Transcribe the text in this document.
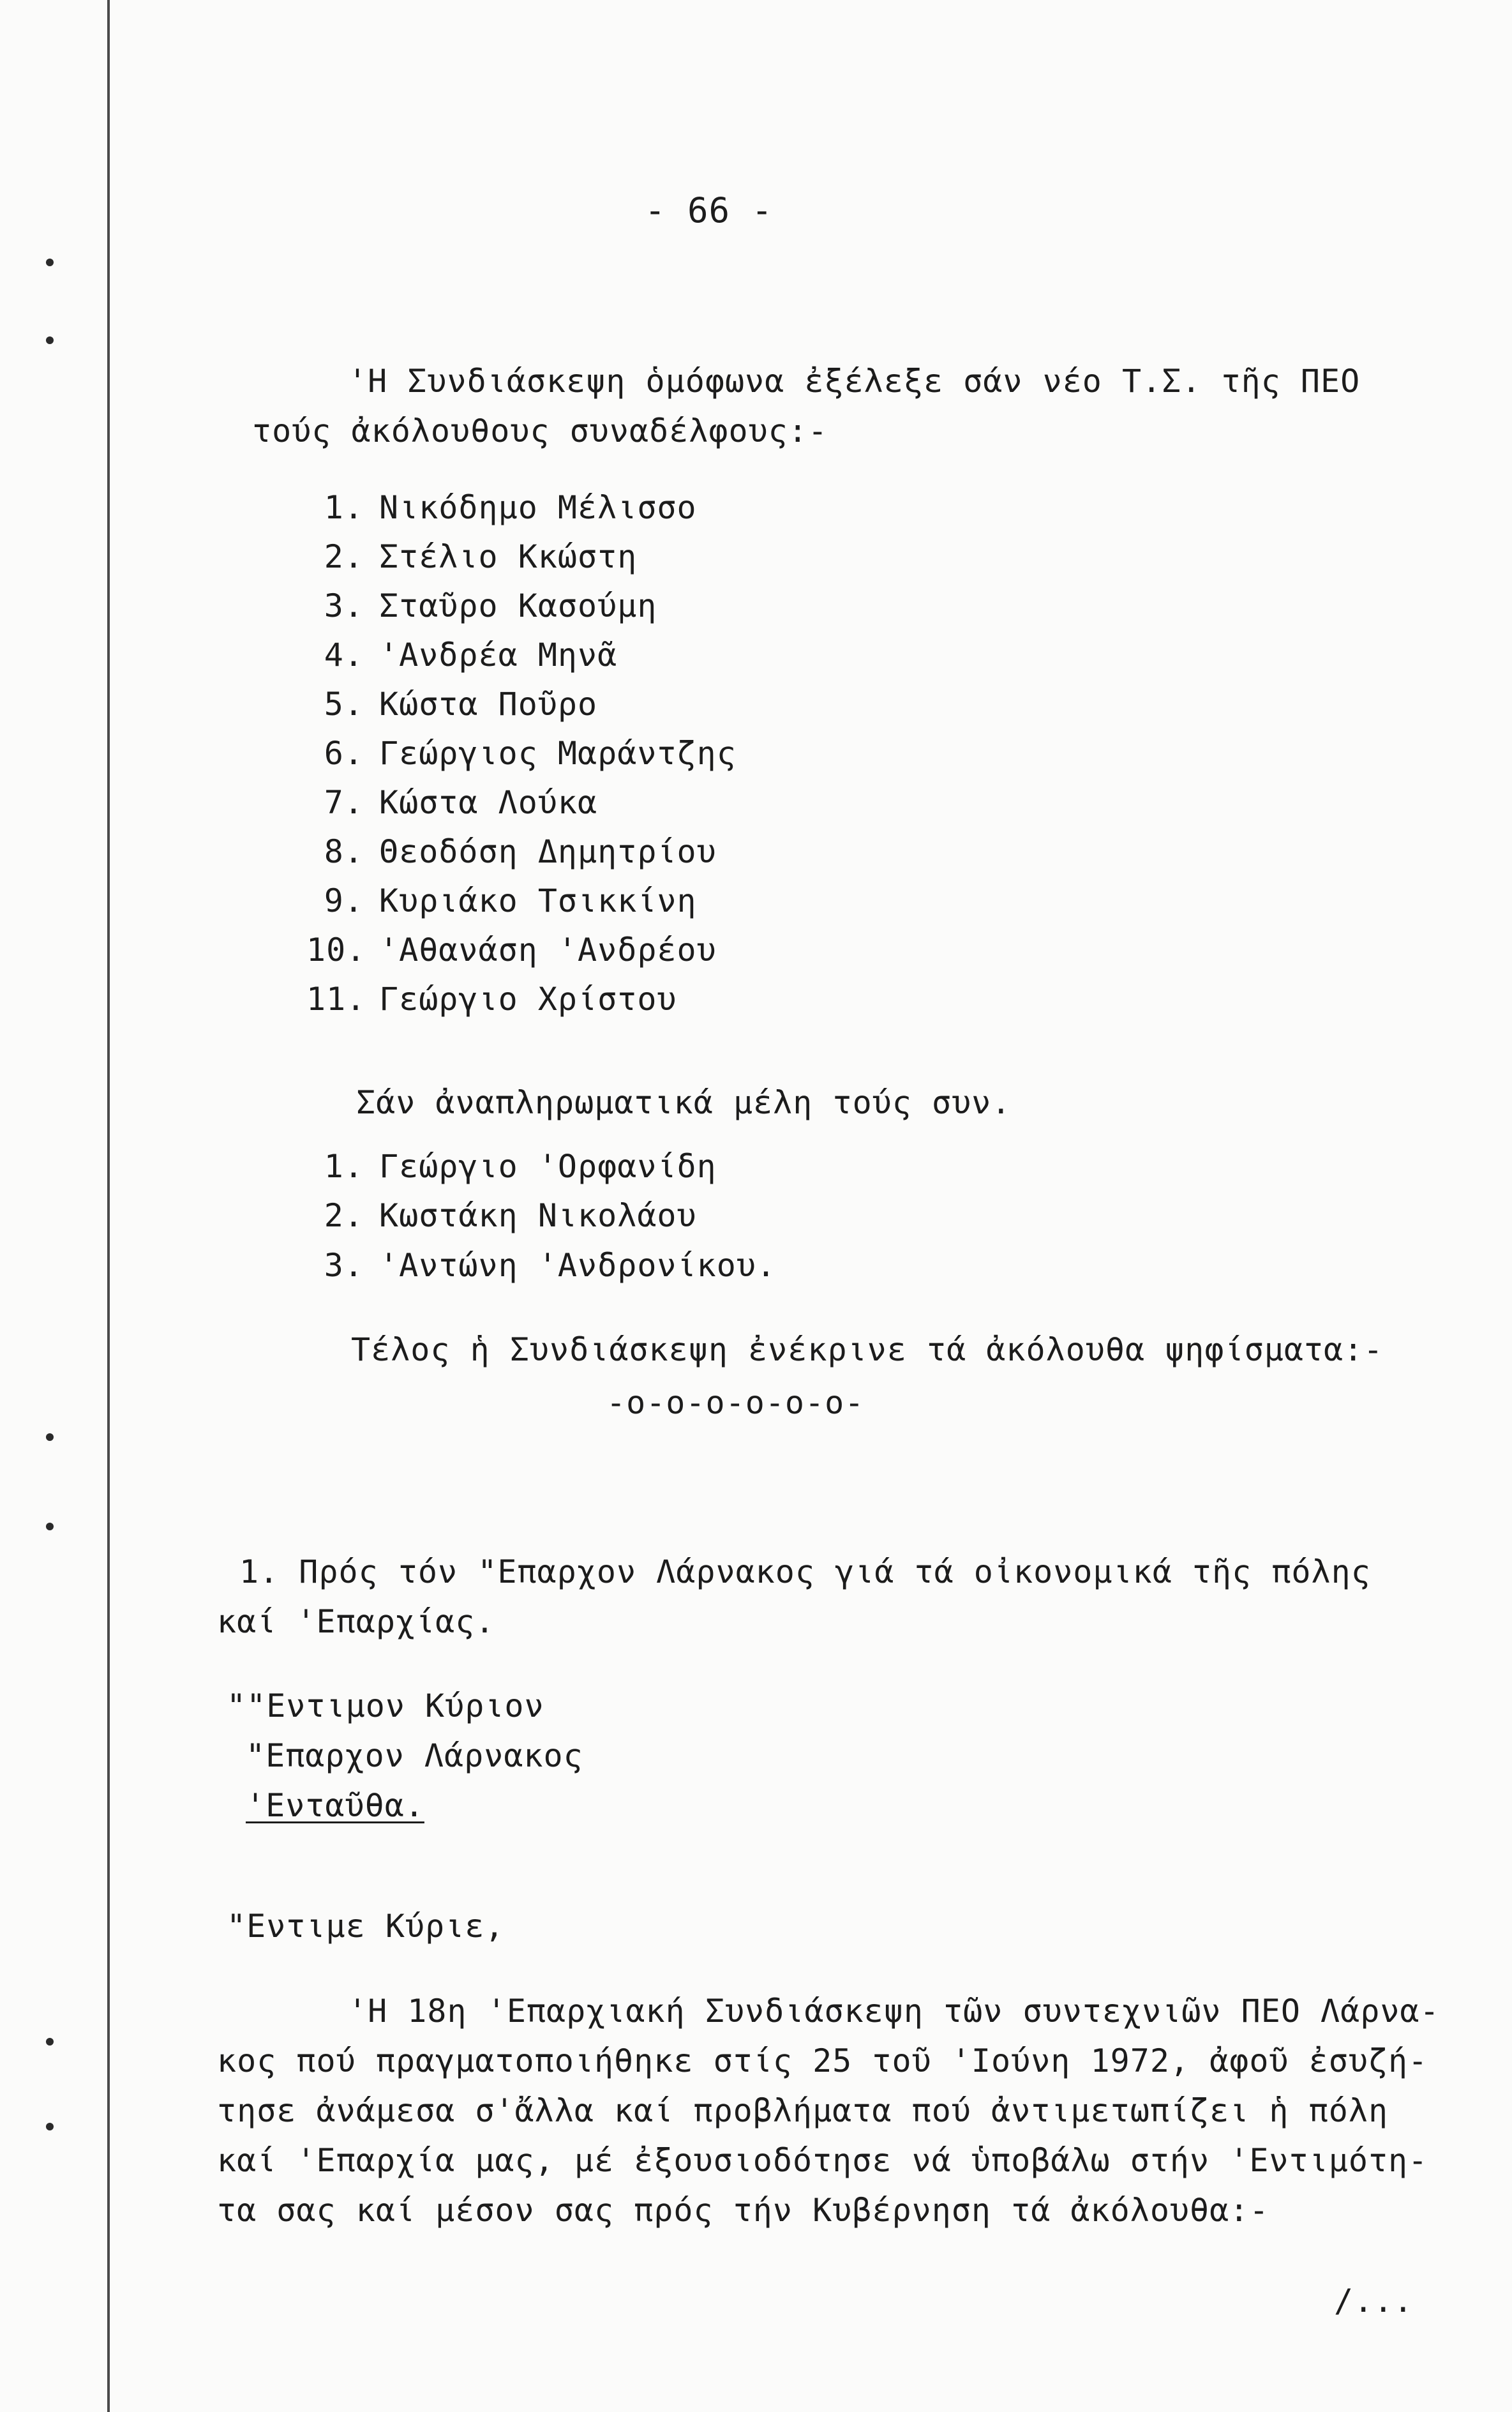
- 66 -
'Η Συνδιάσκεψη ὁμόφωνα ἐξέλεξε σάν νέο Τ.Σ. τῆς ΠΕΟ
τούς ἀκόλουθους συναδέλφους:-
1. Νικόδημο Μέλισσο
2. Στέλιο Κκώστη
3. Σταῦρο Κασούμη
4. 'Ανδρέα Μηνᾶ
5. Κώστα Ποῦρο
6. Γεώργιος Μαράντζης
7. Κώστα Λούκα
8. Θεοδόση Δημητρίου
9. Κυριάκο Τσικκίνη
10. 'Αθανάση 'Ανδρέου
11. Γεώργιο Χρίστου
Σάν ἀναπληρωματικά μέλη τούς συν.
1. Γεώργιο 'Ορφανίδη
2. Κωστάκη Νικολάου
3. 'Αντώνη 'Ανδρονίκου.
Τέλος ἡ Συνδιάσκεψη ἐνέκρινε τά ἀκόλουθα ψηφίσματα:-
-ο-ο-ο-ο-ο-ο-
1. Πρός τόν "Επαρχον Λάρνακος γιά τά οἰκονομικά τῆς πόλης
καί 'Επαρχίας.
""Εντιμον Κύριον
"Επαρχον Λάρνακος
'Ενταῦθα.
"Εντιμε Κύριε,
'Η 18η 'Επαρχιακή Συνδιάσκεψη τῶν συντεχνιῶν ΠΕΟ Λάρνα-
κος πού πραγματοποιήθηκε στίς 25 τοῦ 'Ιούνη 1972, ἀφοῦ ἐσυζή-
τησε ἀνάμεσα σ'ἄλλα καί προβλήματα πού ἀντιμετωπίζει ἡ πόλη
καί 'Επαρχία μας, μέ ἐξουσιοδότησε νά ὑποβάλω στήν 'Εντιμότη-
τα σας καί μέσον σας πρός τήν Κυβέρνηση τά ἀκόλουθα:-
/...
